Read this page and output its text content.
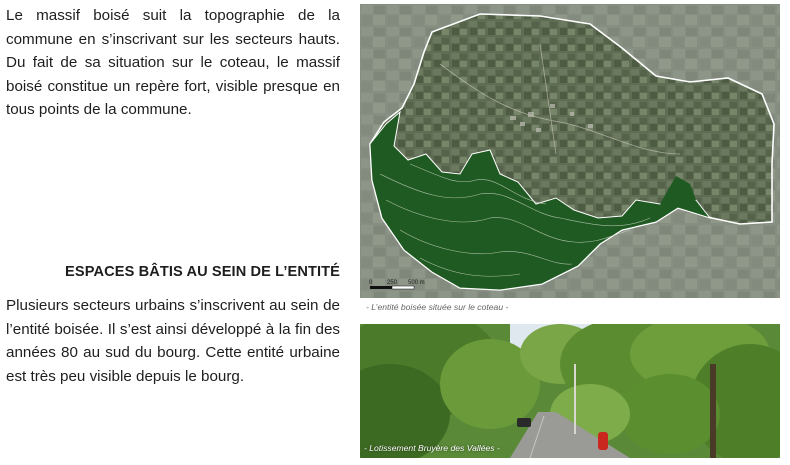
Le massif boisé suit la topographie de la commune en s’inscrivant sur les secteurs hauts. Du fait de sa situation sur le coteau, le massif boisé constitue un repère fort, visible presque en tous points de la commune.

ESPACES BÂTIS AU SEIN DE L’ENTITÉ

Plusieurs secteurs urbains s’inscrivent au sein de l’entité boisée. Il s’est ainsi développé à la fin des années 80 au sud du bourg. Cette entité urbaine est très peu visible depuis le bourg.

0 250 500 m
- L’entité boisée située sur le coteau -
- Lotissement Bruyère des Vallées -
